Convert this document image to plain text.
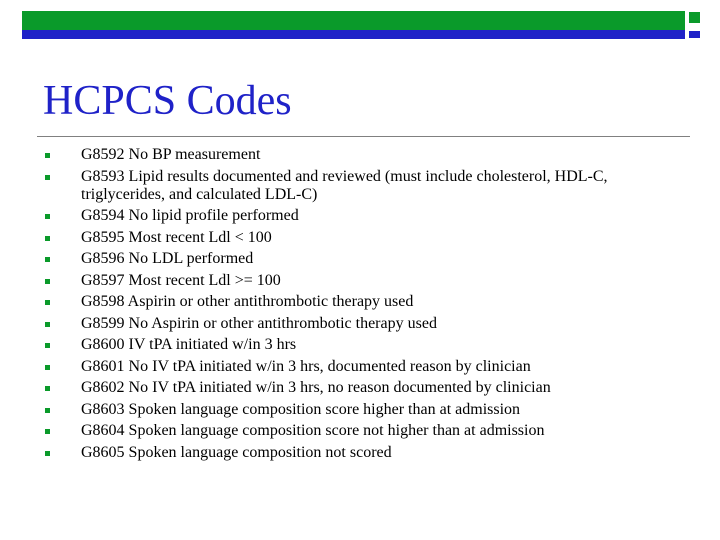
HCPCS Codes
G8592 No BP measurement
G8593 Lipid results documented and reviewed (must include cholesterol, HDL-C, triglycerides, and calculated LDL-C)
G8594 No lipid profile performed
G8595 Most recent Ldl < 100
G8596 No LDL performed
G8597 Most recent Ldl >= 100
G8598 Aspirin or other antithrombotic therapy used
G8599 No Aspirin or other antithrombotic therapy used
G8600 IV tPA initiated w/in 3 hrs
G8601 No IV tPA initiated w/in 3 hrs, documented reason by clinician
G8602 No IV tPA initiated w/in 3 hrs, no reason documented by clinician
G8603 Spoken language composition score higher than at admission
G8604 Spoken language composition score not higher than at admission
G8605 Spoken language composition not scored
